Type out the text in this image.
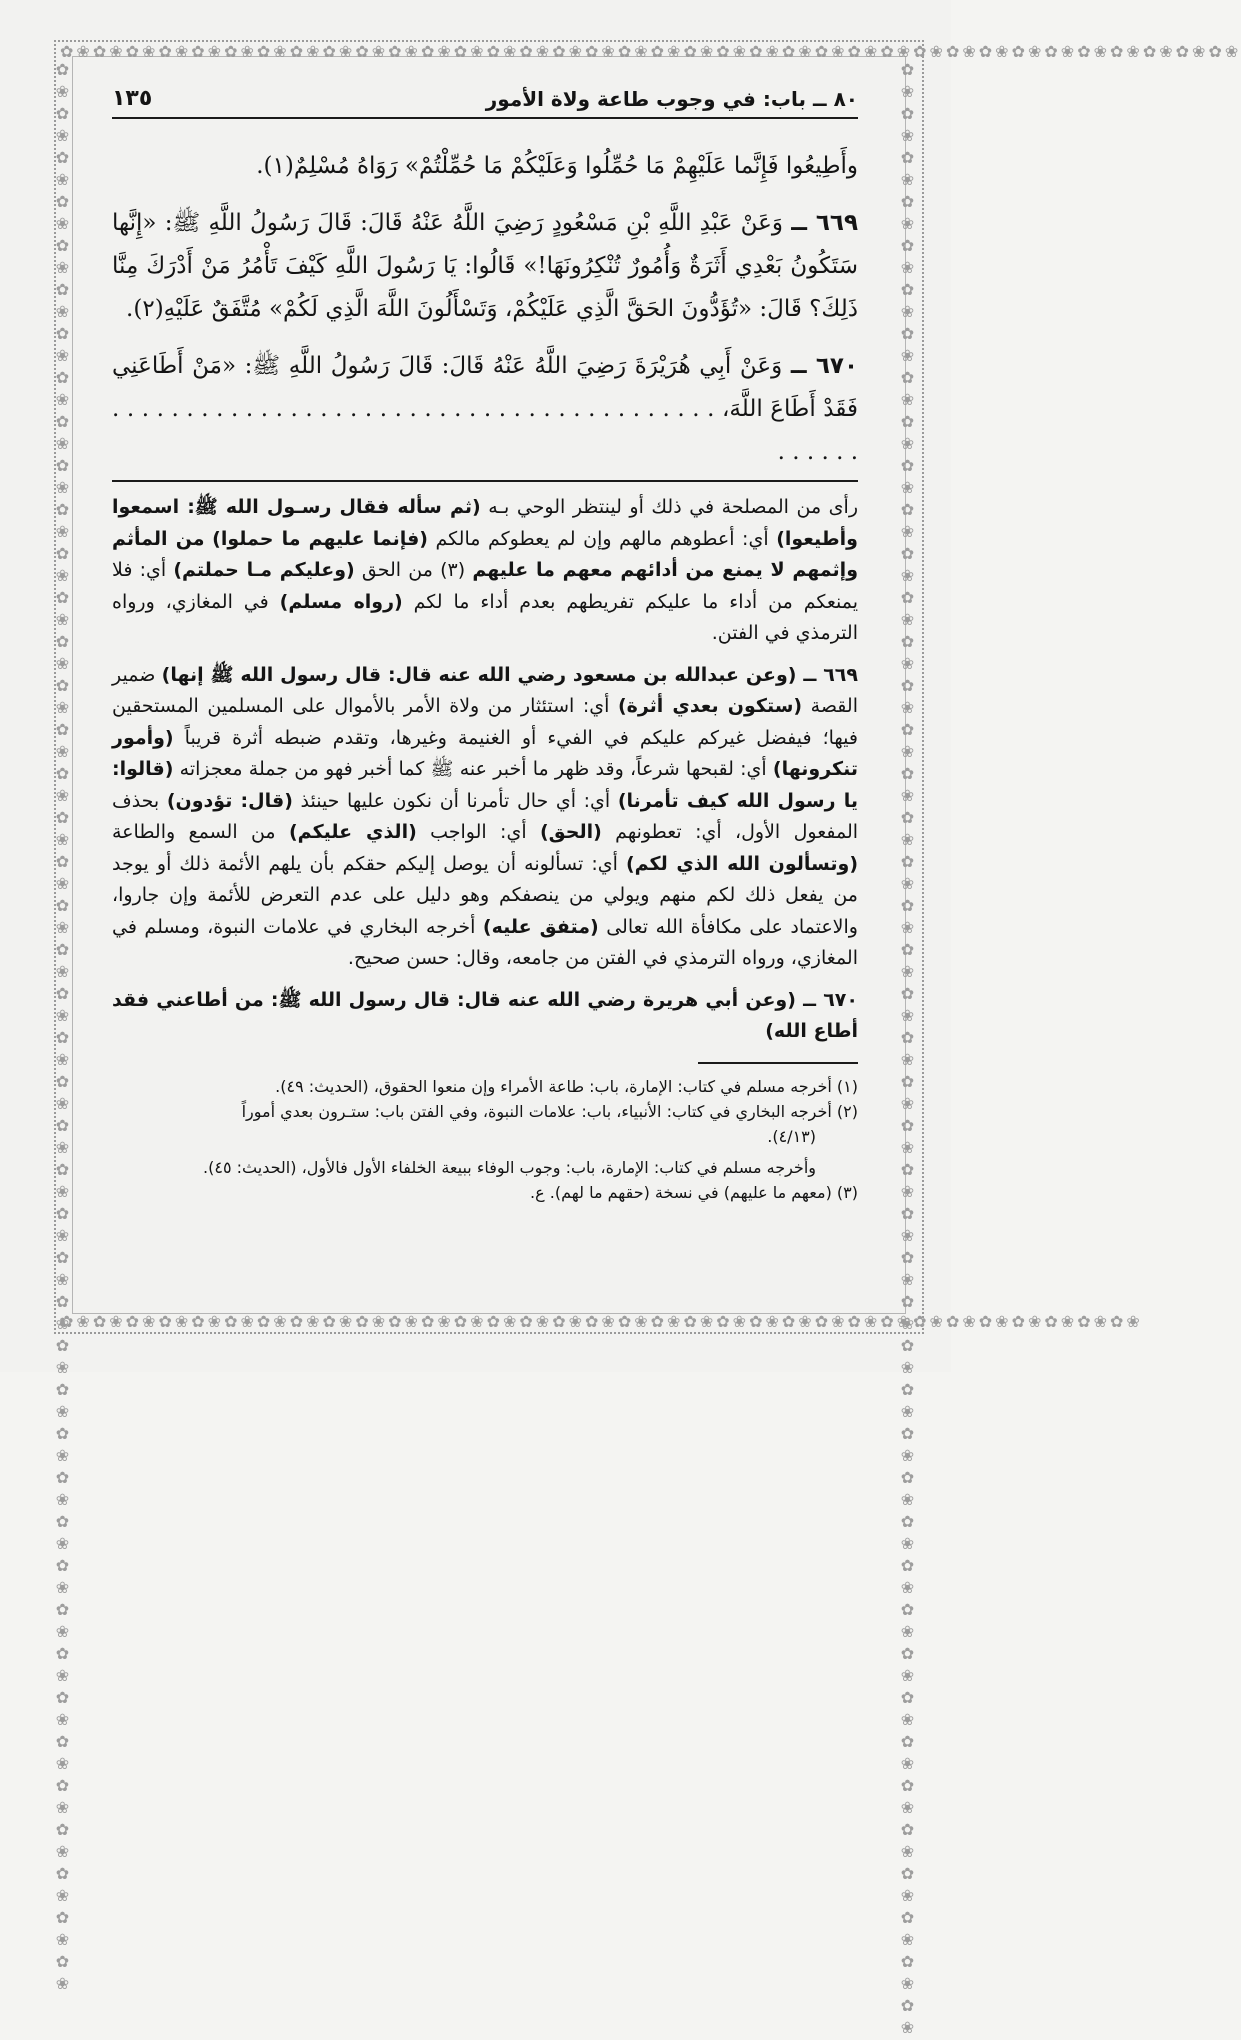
✿❀✿❀✿❀✿❀✿❀✿❀✿❀✿❀✿❀✿❀✿❀✿❀✿❀✿❀✿❀✿❀✿❀✿❀✿❀✿❀✿❀✿❀✿❀✿❀✿❀✿❀✿❀✿❀✿❀✿❀✿❀✿❀✿❀✿❀✿❀✿❀
✿❀✿❀✿❀✿❀✿❀✿❀✿❀✿❀✿❀✿❀✿❀✿❀✿❀✿❀✿❀✿❀✿❀✿❀✿❀✿❀✿❀✿❀✿❀✿❀✿❀✿❀✿❀✿❀✿❀✿❀✿❀✿❀✿❀
✿❀✿❀✿❀✿❀✿❀✿❀✿❀✿❀✿❀✿❀✿❀✿❀✿❀✿❀✿❀✿❀✿❀✿❀✿❀✿❀✿❀✿❀✿❀✿❀✿❀✿❀✿❀✿❀✿❀✿❀✿❀✿❀✿❀✿❀✿❀✿❀✿❀✿❀✿❀✿❀✿❀✿❀✿❀✿❀	✿❀✿❀✿❀✿❀✿❀✿❀✿❀✿❀✿❀✿❀✿❀✿❀✿❀✿❀✿❀✿❀✿❀✿❀✿❀✿❀✿❀✿❀✿❀✿❀✿❀✿❀✿❀✿❀✿❀✿❀✿❀✿❀✿❀✿❀✿❀✿❀✿❀✿❀✿❀✿❀✿❀✿❀✿❀✿❀✿❀
٨٠ ــ باب: في وجوب طاعة ولاة الأمور
١٣٥

وأَطِيعُوا فَإِنَّما عَلَيْهِمْ مَا حُمِّلُوا وَعَلَيْكُمْ مَا حُمِّلْتُمْ» رَوَاهُ مُسْلِمٌ(١).

٦٦٩ ــ وَعَنْ عَبْدِ اللَّهِ بْنِ مَسْعُودٍ رَضِيَ اللَّهُ عَنْهُ قَالَ: قَالَ رَسُولُ اللَّهِ ﷺ: «إِنَّها سَتَكُونُ بَعْدِي أَثَرَةٌ وَأُمُورٌ تُنْكِرُونَهَا!» قَالُوا: يَا رَسُولَ اللَّهِ كَيْفَ تَأْمُرُ مَنْ أَدْرَكَ مِنَّا ذَلِكَ؟ قَالَ: «تُؤَدُّونَ الحَقَّ الَّذِي عَلَيْكُمْ، وَتَسْأَلُونَ اللَّهَ الَّذِي لَكُمْ» مُتَّفَقٌ عَلَيْهِ(٢).

٦٧٠ ــ وَعَنْ أَبِي هُرَيْرَةَ رَضِيَ اللَّهُ عَنْهُ قَالَ: قَالَ رَسُولُ اللَّهِ ﷺ: «مَنْ أَطَاعَنِي فَقَدْ أَطَاعَ اللَّهَ، . . . . . . . . . . . . . . . . . . . . . . . . . . . . . . . . . . . . . . . . . . . . . . .

رأى من المصلحة في ذلك أو لينتظر الوحي بـه (ثم سأله فقال رسـول الله ﷺ: اسمعوا وأطيعوا) أي: أعطوهم مالهم وإن لم يعطوكم مالكم (فإنما عليهم ما حملوا) من المأثم وإثمهم لا يمنع من أدائهم معهم ما عليهم (٣) من الحق (وعليكم مـا حملتم) أي: فلا يمنعكم من أداء ما عليكم تفريطهم بعدم أداء ما لكم (رواه مسلم) في المغازي، ورواه الترمذي في الفتن.

٦٦٩ ــ (وعن عبدالله بن مسعود رضي الله عنه قال: قال رسول الله ﷺ إنها) ضمير القصة (ستكون بعدي أثرة) أي: استئثار من ولاة الأمر بالأموال على المسلمين المستحقين فيها؛ فيفضل غيركم عليكم في الفيء أو الغنيمة وغيرها، وتقدم ضبطه أثرة قريباً (وأمور تنكرونها) أي: لقبحها شرعاً، وقد ظهر ما أخبر عنه ﷺ كما أخبر فهو من جملة معجزاته (قالوا: يا رسول الله كيف تأمرنا) أي: أي حال تأمرنا أن نكون عليها حينئذ (قال: تؤدون) بحذف المفعول الأول، أي: تعطونهم (الحق) أي: الواجب (الذي عليكم) من السمع والطاعة (وتسألون الله الذي لكم) أي: تسألونه أن يوصل إليكم حقكم بأن يلهم الأئمة ذلك أو يوجد من يفعل ذلك لكم منهم ويولي من ينصفكم وهو دليل على عدم التعرض للأئمة وإن جاروا، والاعتماد على مكافأة الله تعالى (متفق عليه) أخرجه البخاري في علامات النبوة، ومسلم في المغازي، ورواه الترمذي في الفتن من جامعه، وقال: حسن صحيح.

٦٧٠ ــ (وعن أبي هريرة رضي الله عنه قال: قال رسول الله ﷺ: من أطاعني فقد أطاع الله)

(١) أخرجه مسلم في كتاب: الإمارة، باب: طاعة الأمراء وإن منعوا الحقوق، (الحديث: ٤٩).

(٢) أخرجه البخاري في كتاب: الأنبياء، باب: علامات النبوة، وفي الفتن باب: ستـرون بعدي أموراً

(٤/١٣).

وأخرجه مسلم في كتاب: الإمارة، باب: وجوب الوفاء ببيعة الخلفاء الأول فالأول، (الحديث: ٤٥).

(٣) (معهم ما عليهم) في نسخة (حقهم ما لهم). ع.
